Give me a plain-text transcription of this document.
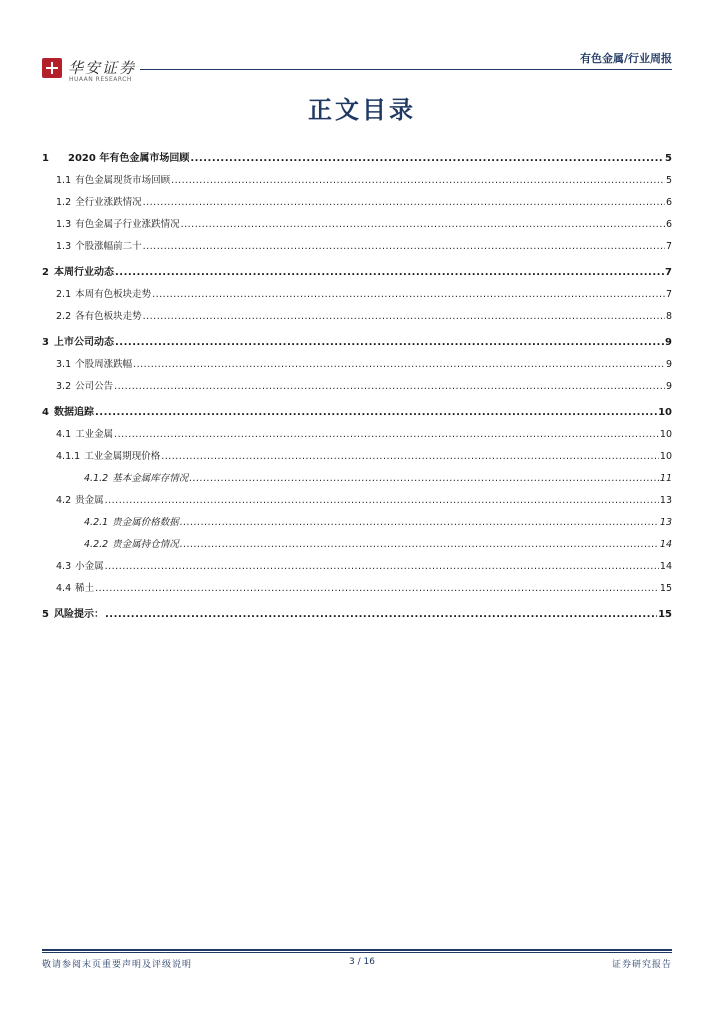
华安证券
HUAAN RESEARCH
有色金属/行业周报
正文目录
1	2020 年有色金属市场回顾 .....	5
1.1 有色金属现货市场回顾 .....	5
1.2 全行业涨跌情况 .....	6
1.3 有色金属子行业涨跌情况 .....	6
1.3 个股涨幅前二十 .....	7
2 本周行业动态 .....	7
2.1 本周有色板块走势 .....	7
2.2 各有色板块走势 .....	8
3 上市公司动态 .....	9
3.1 个股周涨跌幅 .....	9
3.2 公司公告 .....	9
4 数据追踪 .....	10
4.1 工业金属 .....	10
4.1.1 工业金属期现价格 .....	10
4.1.2 基本金属库存情况 .....	11
4.2 贵金属 .....	13
4.2.1 贵金属价格数据 .....	13
4.2.2 贵金属持仓情况 .....	14
4.3 小金属 .....	14
4.4 稀土 .....	15
5 风险提示： .....	15
敬请参阅末页重要声明及评级说明	3 / 16	证券研究报告
